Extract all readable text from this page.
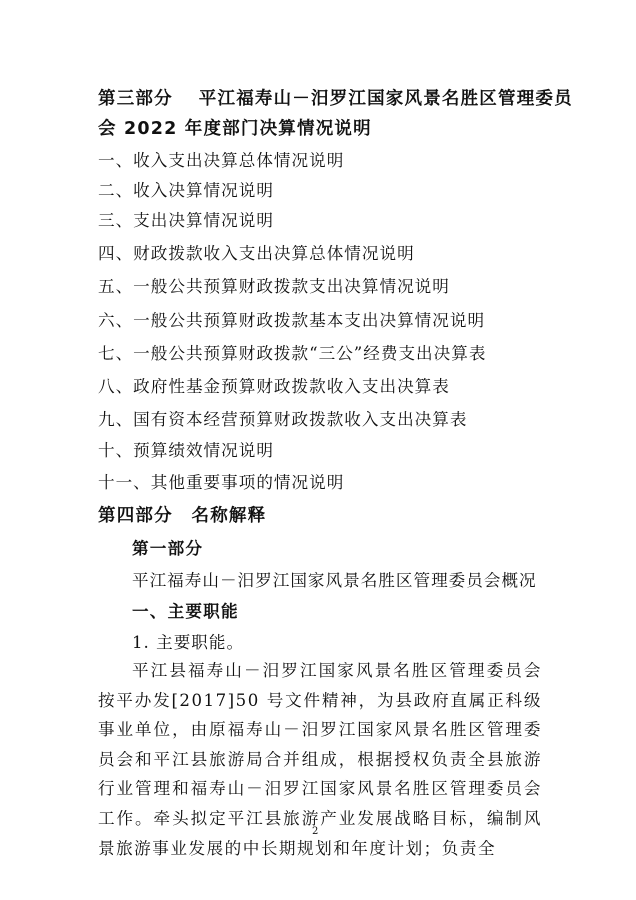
第三部分　 平江福寿山－汨罗江国家风景名胜区管理委员
会 2022 年度部门决算情况说明
一、收入支出决算总体情况说明
二、收入决算情况说明
三、支出决算情况说明
四、财政拨款收入支出决算总体情况说明
五、一般公共预算财政拨款支出决算情况说明
六、一般公共预算财政拨款基本支出决算情况说明
七、一般公共预算财政拨款“三公”经费支出决算表
八、政府性基金预算财政拨款收入支出决算表
九、国有资本经营预算财政拨款收入支出决算表
十、预算绩效情况说明
十一、其他重要事项的情况说明
第四部分　名称解释
第一部分
平江福寿山－汨罗江国家风景名胜区管理委员会概况
一、主要职能
1. 主要职能。
平江县福寿山－汨罗江国家风景名胜区管理委员会按平办发[2017]50 号文件精神，为县政府直属正科级事业单位，由原福寿山－汨罗江国家风景名胜区管理委员会和平江县旅游局合并组成，根据授权负责全县旅游行业管理和福寿山－汨罗江国家风景名胜区管理委员会工作。牵头拟定平江县旅游产业发展战略目标，编制风景旅游事业发展的中长期规划和年度计划；负责全
2
